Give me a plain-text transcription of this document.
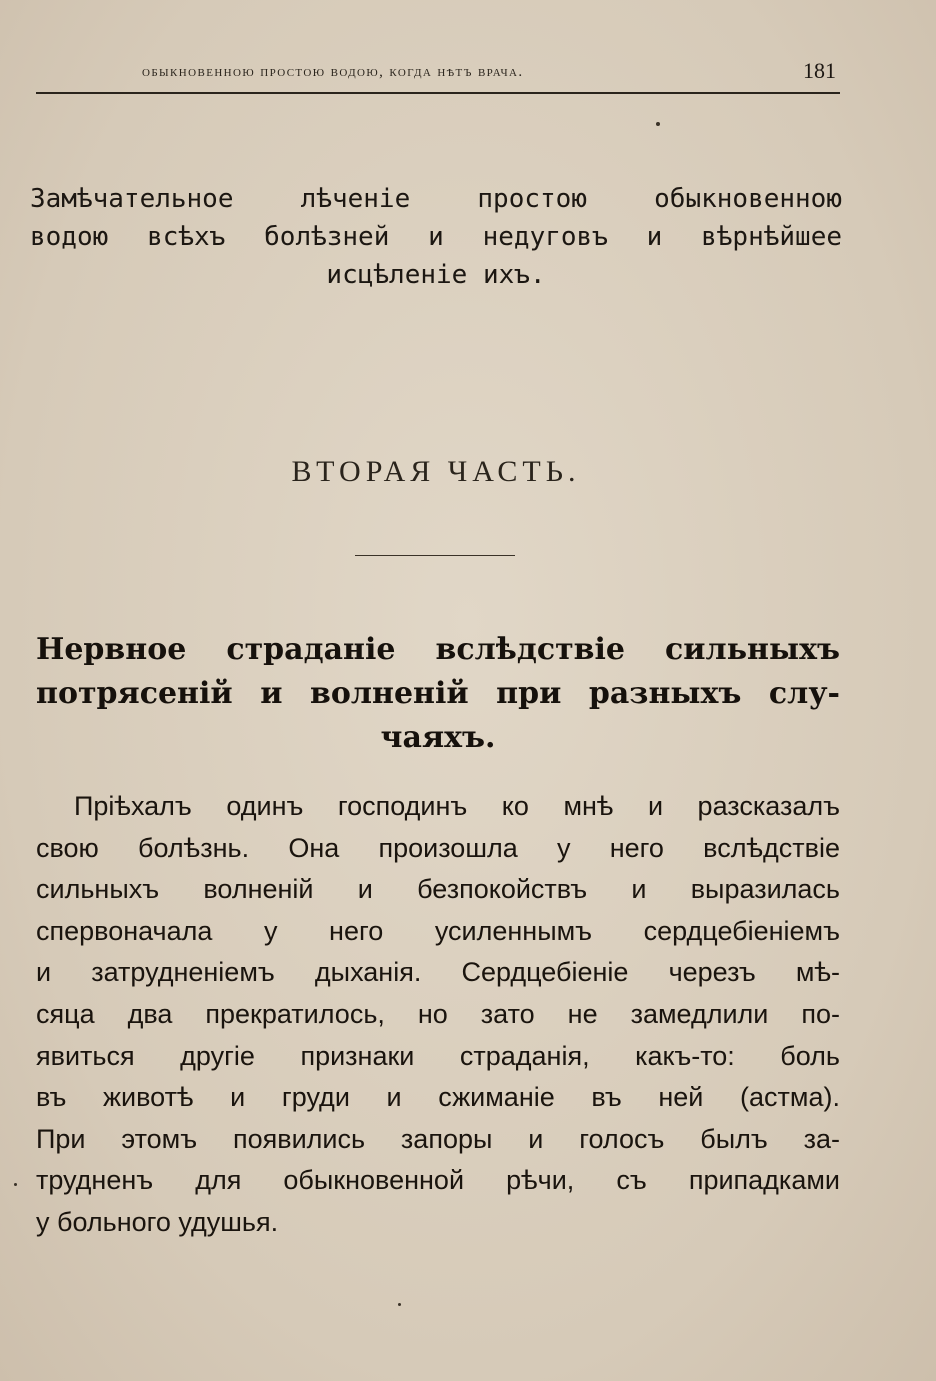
обыкновенною простою водою, когда нѣтъ врача.	181
Замѣчательное лѣченіе простою обыкновенною
водою всѣхъ болѣзней и недуговъ и вѣрнѣйшее
исцѣленіе ихъ.
ВТОРАЯ ЧАСТЬ.
Нервное страданіе вслѣдствіе сильныхъ
потрясеній и волненій при разныхъ слу-
чаяхъ.
Пріѣхалъ одинъ господинъ ко мнѣ и разсказалъ
свою болѣзнь. Она произошла у него вслѣдствіе
сильныхъ волненій и безпокойствъ и выразилась
спервоначала у него усиленнымъ сердцебіеніемъ
и затрудненіемъ дыханія. Сердцебіеніе черезъ мѣ-
сяца два прекратилось, но зато не замедлили по-
явиться другіе признаки страданія, какъ-то: боль
въ животѣ и груди и сжиманіе въ ней (астма).
При этомъ появились запоры и голосъ былъ за-
трудненъ для обыкновенной рѣчи, съ припадками
у больного удушья.
